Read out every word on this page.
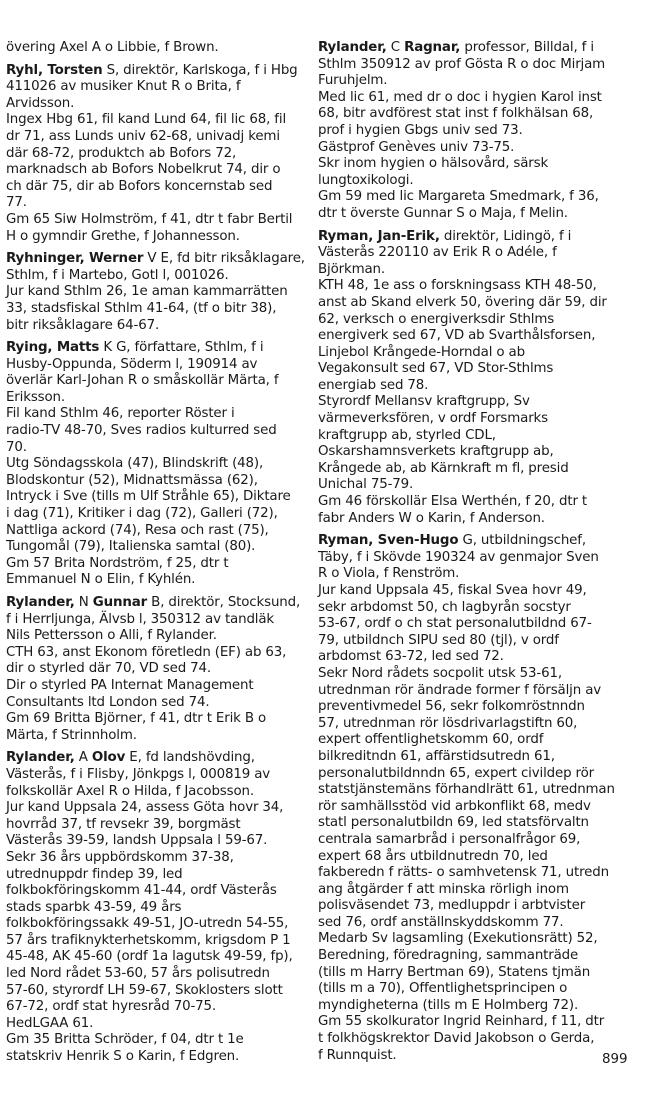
övering Axel A o Libbie, f Brown.
Ryhl, Torsten S, direktör, Karlskoga, f i Hbg
411026 av musiker Knut R o Brita, f
Arvidsson.
Ingex Hbg 61, fil kand Lund 64, fil lic 68, fil
dr 71, ass Lunds univ 62-68, univadj kemi
där 68-72, produktch ab Bofors 72,
marknadsch ab Bofors Nobelkrut 74, dir o
ch där 75, dir ab Bofors koncernstab sed
77.
Gm 65 Siw Holmström, f 41, dtr t fabr Bertil
H o gymndir Grethe, f Johannesson.
Ryhninger, Werner V E, fd bitr riksåklagare,
Sthlm, f i Martebo, Gotl l, 001026.
Jur kand Sthlm 26, 1e aman kammarrätten
33, stadsfiskal Sthlm 41-64, (tf o bitr 38),
bitr riksåklagare 64-67.
Rying, Matts K G, författare, Sthlm, f i
Husby-Oppunda, Söderm l, 190914 av
överlär Karl-Johan R o småskollär Märta, f
Eriksson.
Fil kand Sthlm 46, reporter Röster i
radio-TV 48-70, Sves radios kulturred sed
70.
Utg Söndagsskola (47), Blindskrift (48),
Blodskontur (52), Midnattsmässa (62),
Intryck i Sve (tills m Ulf Stråhle 65), Diktare
i dag (71), Kritiker i dag (72), Galleri (72),
Nattliga ackord (74), Resa och rast (75),
Tungomål (79), Italienska samtal (80).
Gm 57 Brita Nordström, f 25, dtr t
Emmanuel N o Elin, f Kyhlén.
Rylander, N Gunnar B, direktör, Stocksund,
f i Herrljunga, Älvsb l, 350312 av tandläk
Nils Pettersson o Alli, f Rylander.
CTH 63, anst Ekonom företledn (EF) ab 63,
dir o styrled där 70, VD sed 74.
Dir o styrled PA Internat Management
Consultants ltd London sed 74.
Gm 69 Britta Björner, f 41, dtr t Erik B o
Märta, f Strinnholm.
Rylander, A Olov E, fd landshövding,
Västerås, f i Flisby, Jönkpgs l, 000819 av
folkskollär Axel R o Hilda, f Jacobsson.
Jur kand Uppsala 24, assess Göta hovr 34,
hovrråd 37, tf revsekr 39, borgmäst
Västerås 39-59, landsh Uppsala l 59-67.
Sekr 36 års uppbördskomm 37-38,
utrednuppdr findep 39, led
folkbokföringskomm 41-44, ordf Västerås
stads sparbk 43-59, 49 års
folkbokföringssakk 49-51, JO-utredn 54-55,
57 års trafiknykterhetskomm, krigsdom P 1
45-48, AK 45-60 (ordf 1a lagutsk 49-59, fp),
led Nord rådet 53-60, 57 års polisutredn
57-60, styrordf LH 59-67, Skoklosters slott
67-72, ordf stat hyresråd 70-75.
HedLGAA 61.
Gm 35 Britta Schröder, f 04, dtr t 1e
statskriv Henrik S o Karin, f Edgren.
Rylander, C Ragnar, professor, Billdal, f i
Sthlm 350912 av prof Gösta R o doc Mirjam
Furuhjelm.
Med lic 61, med dr o doc i hygien Karol inst
68, bitr avdförest stat inst f folkhälsan 68,
prof i hygien Gbgs univ sed 73.
Gästprof Genèves univ 73-75.
Skr inom hygien o hälsovård, särsk
lungtoxikologi.
Gm 59 med lic Margareta Smedmark, f 36,
dtr t överste Gunnar S o Maja, f Melin.
Ryman, Jan-Erik, direktör, Lidingö, f i
Västerås 220110 av Erik R o Adéle, f
Björkman.
KTH 48, 1e ass o forskningsass KTH 48-50,
anst ab Skand elverk 50, övering där 59, dir
62, verksch o energiverksdir Sthlms
energiverk sed 67, VD ab Svarthålsforsen,
Linjebol Krångede-Horndal o ab
Vegakonsult sed 67, VD Stor-Sthlms
energiab sed 78.
Styrordf Mellansv kraftgrupp, Sv
värmeverksfören, v ordf Forsmarks
kraftgrupp ab, styrled CDL,
Oskarshamnsverkets kraftgrupp ab,
Krångede ab, ab Kärnkraft m fl, presid
Unichal 75-79.
Gm 46 förskollär Elsa Werthén, f 20, dtr t
fabr Anders W o Karin, f Anderson.
Ryman, Sven-Hugo G, utbildningschef,
Täby, f i Skövde 190324 av genmajor Sven
R o Viola, f Renström.
Jur kand Uppsala 45, fiskal Svea hovr 49,
sekr arbdomst 50, ch lagbyrån socstyr
53-67, ordf o ch stat personalutbildnd 67-
79, utbildnch SIPU sed 80 (tjl), v ordf
arbdomst 63-72, led sed 72.
Sekr Nord rådets socpolit utsk 53-61,
utrednman rör ändrade former f försäljn av
preventivmedel 56, sekr folkomröstnndn
57, utrednman rör lösdrivarlagstiftn 60,
expert offentlighetskomm 60, ordf
bilkreditndn 61, affärstidsutredn 61,
personalutbildnndn 65, expert civildep rör
statstjänstemäns förhandlrätt 61, utrednman
rör samhällsstöd vid arbkonflikt 68, medv
statl personalutbildn 69, led statsförvaltn
centrala samarbråd i personalfrågor 69,
expert 68 års utbildnutredn 70, led
fakberedn f rätts- o samhvetensk 71, utredn
ang åtgärder f att minska rörligh inom
polisväsendet 73, medluppdr i arbtvister
sed 76, ordf anställnskyddskomm 77.
Medarb Sv lagsamling (Exekutionsrätt) 52,
Beredning, föredragning, sammanträde
(tills m Harry Bertman 69), Statens tjmän
(tills m a 70), Offentlighetsprincipen o
myndigheterna (tills m E Holmberg 72).
Gm 55 skolkurator Ingrid Reinhard, f 11, dtr
t folkhögskrektor David Jakobson o Gerda,
f Runnquist.	899
